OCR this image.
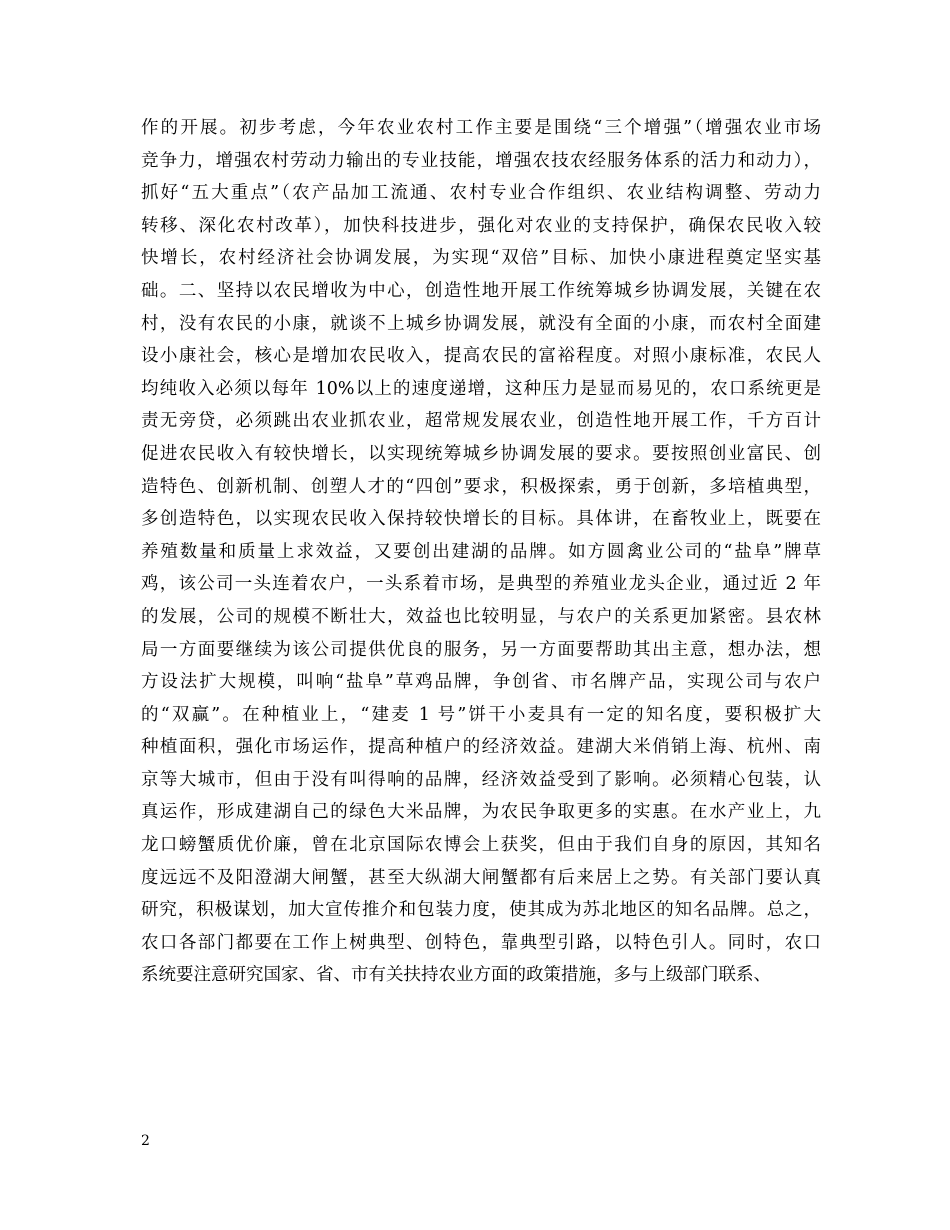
作的开展。初步考虑，今年农业农村工作主要是围绕“三个增强”（增强农业市场
竞争力，增强农村劳动力输出的专业技能，增强农技农经服务体系的活力和动力），
抓好“五大重点”（农产品加工流通、农村专业合作组织、农业结构调整、劳动力
转移、深化农村改革），加快科技进步，强化对农业的支持保护，确保农民收入较
快增长，农村经济社会协调发展，为实现“双倍”目标、加快小康进程奠定坚实基
础。二、坚持以农民增收为中心，创造性地开展工作统筹城乡协调发展，关键在农
村，没有农民的小康，就谈不上城乡协调发展，就没有全面的小康，而农村全面建
设小康社会，核心是增加农民收入，提高农民的富裕程度。对照小康标准，农民人
均纯收入必须以每年 10%以上的速度递增，这种压力是显而易见的，农口系统更是
责无旁贷，必须跳出农业抓农业，超常规发展农业，创造性地开展工作，千方百计
促进农民收入有较快增长，以实现统筹城乡协调发展的要求。要按照创业富民、创
造特色、创新机制、创塑人才的“四创”要求，积极探索，勇于创新，多培植典型，
多创造特色，以实现农民收入保持较快增长的目标。具体讲，在畜牧业上，既要在
养殖数量和质量上求效益，又要创出建湖的品牌。如方圆禽业公司的“盐阜”牌草
鸡，该公司一头连着农户，一头系着市场，是典型的养殖业龙头企业，通过近 2 年
的发展，公司的规模不断壮大，效益也比较明显，与农户的关系更加紧密。县农林
局一方面要继续为该公司提供优良的服务，另一方面要帮助其出主意，想办法，想
方设法扩大规模，叫响“盐阜”草鸡品牌，争创省、市名牌产品，实现公司与农户
的“双赢”。在种植业上，“建麦 1 号”饼干小麦具有一定的知名度，要积极扩大
种植面积，强化市场运作，提高种植户的经济效益。建湖大米俏销上海、杭州、南
京等大城市，但由于没有叫得响的品牌，经济效益受到了影响。必须精心包装，认
真运作，形成建湖自己的绿色大米品牌，为农民争取更多的实惠。在水产业上，九
龙口螃蟹质优价廉，曾在北京国际农博会上获奖，但由于我们自身的原因，其知名
度远远不及阳澄湖大闸蟹，甚至大纵湖大闸蟹都有后来居上之势。有关部门要认真
研究，积极谋划，加大宣传推介和包装力度，使其成为苏北地区的知名品牌。总之，
农口各部门都要在工作上树典型、创特色，靠典型引路，以特色引人。同时，农口
系统要注意研究国家、省、市有关扶持农业方面的政策措施，多与上级部门联系、
2
